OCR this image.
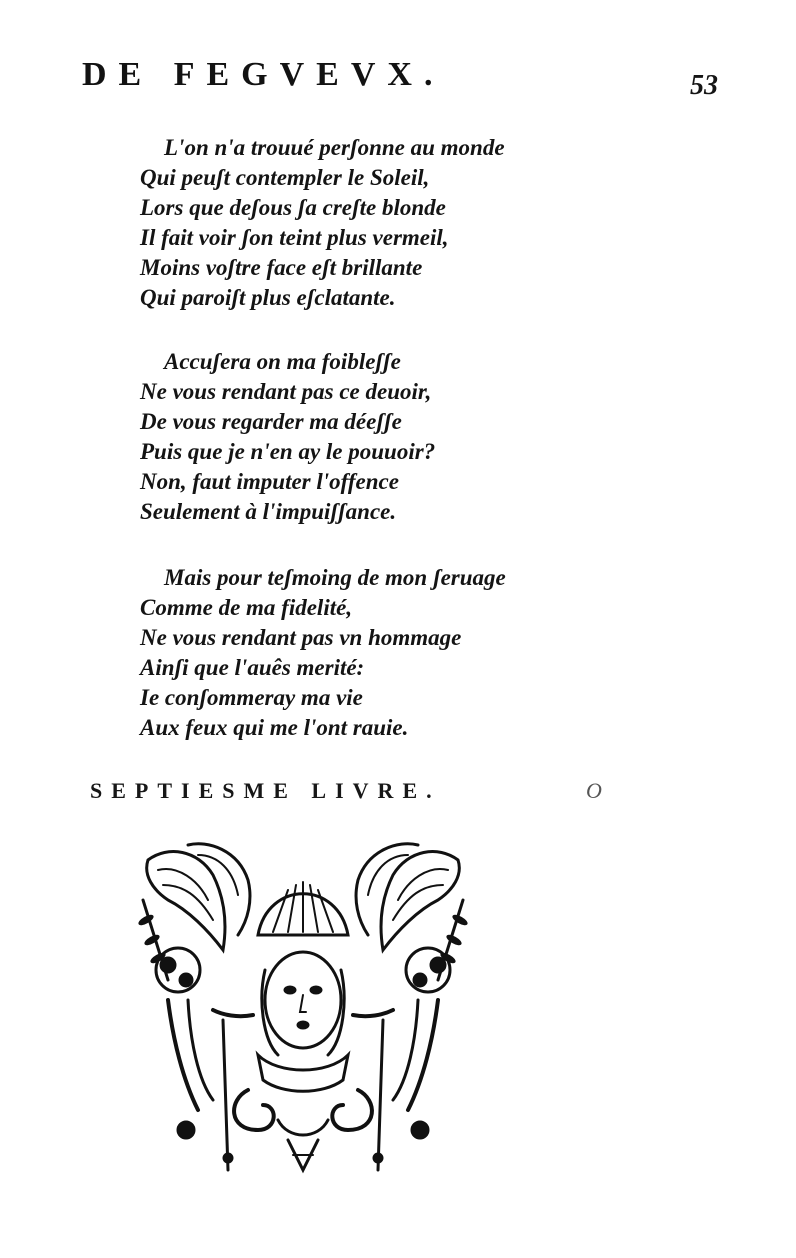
DE FEGVEVX.	53
L'on n'a trouué perʃonne au monde
Qui peuʃt contempler le Soleil,
Lors que deʃous ʃa creʃte blonde
Il fait voir ʃon teint plus vermeil,
Moins voʃtre face eʃt brillante
Qui paroiʃt plus eʃclatante.
Accuʃera on ma foibleʃʃe
Ne vous rendant pas ce deuoir,
De vous regarder ma déeʃʃe
Puis que je n'en ay le pouuoir?
Non, faut imputer l'offence
Seulement à l'impuiʃʃance.
Mais pour teʃmoing de mon ʃeruage
Comme de ma fidelité,
Ne vous rendant pas vn hommage
Ainʃi que l'auês merité:
Ie conʃommeray ma vie
Aux feux qui me l'ont rauie.
SEPTIESME LIVRE.	O
